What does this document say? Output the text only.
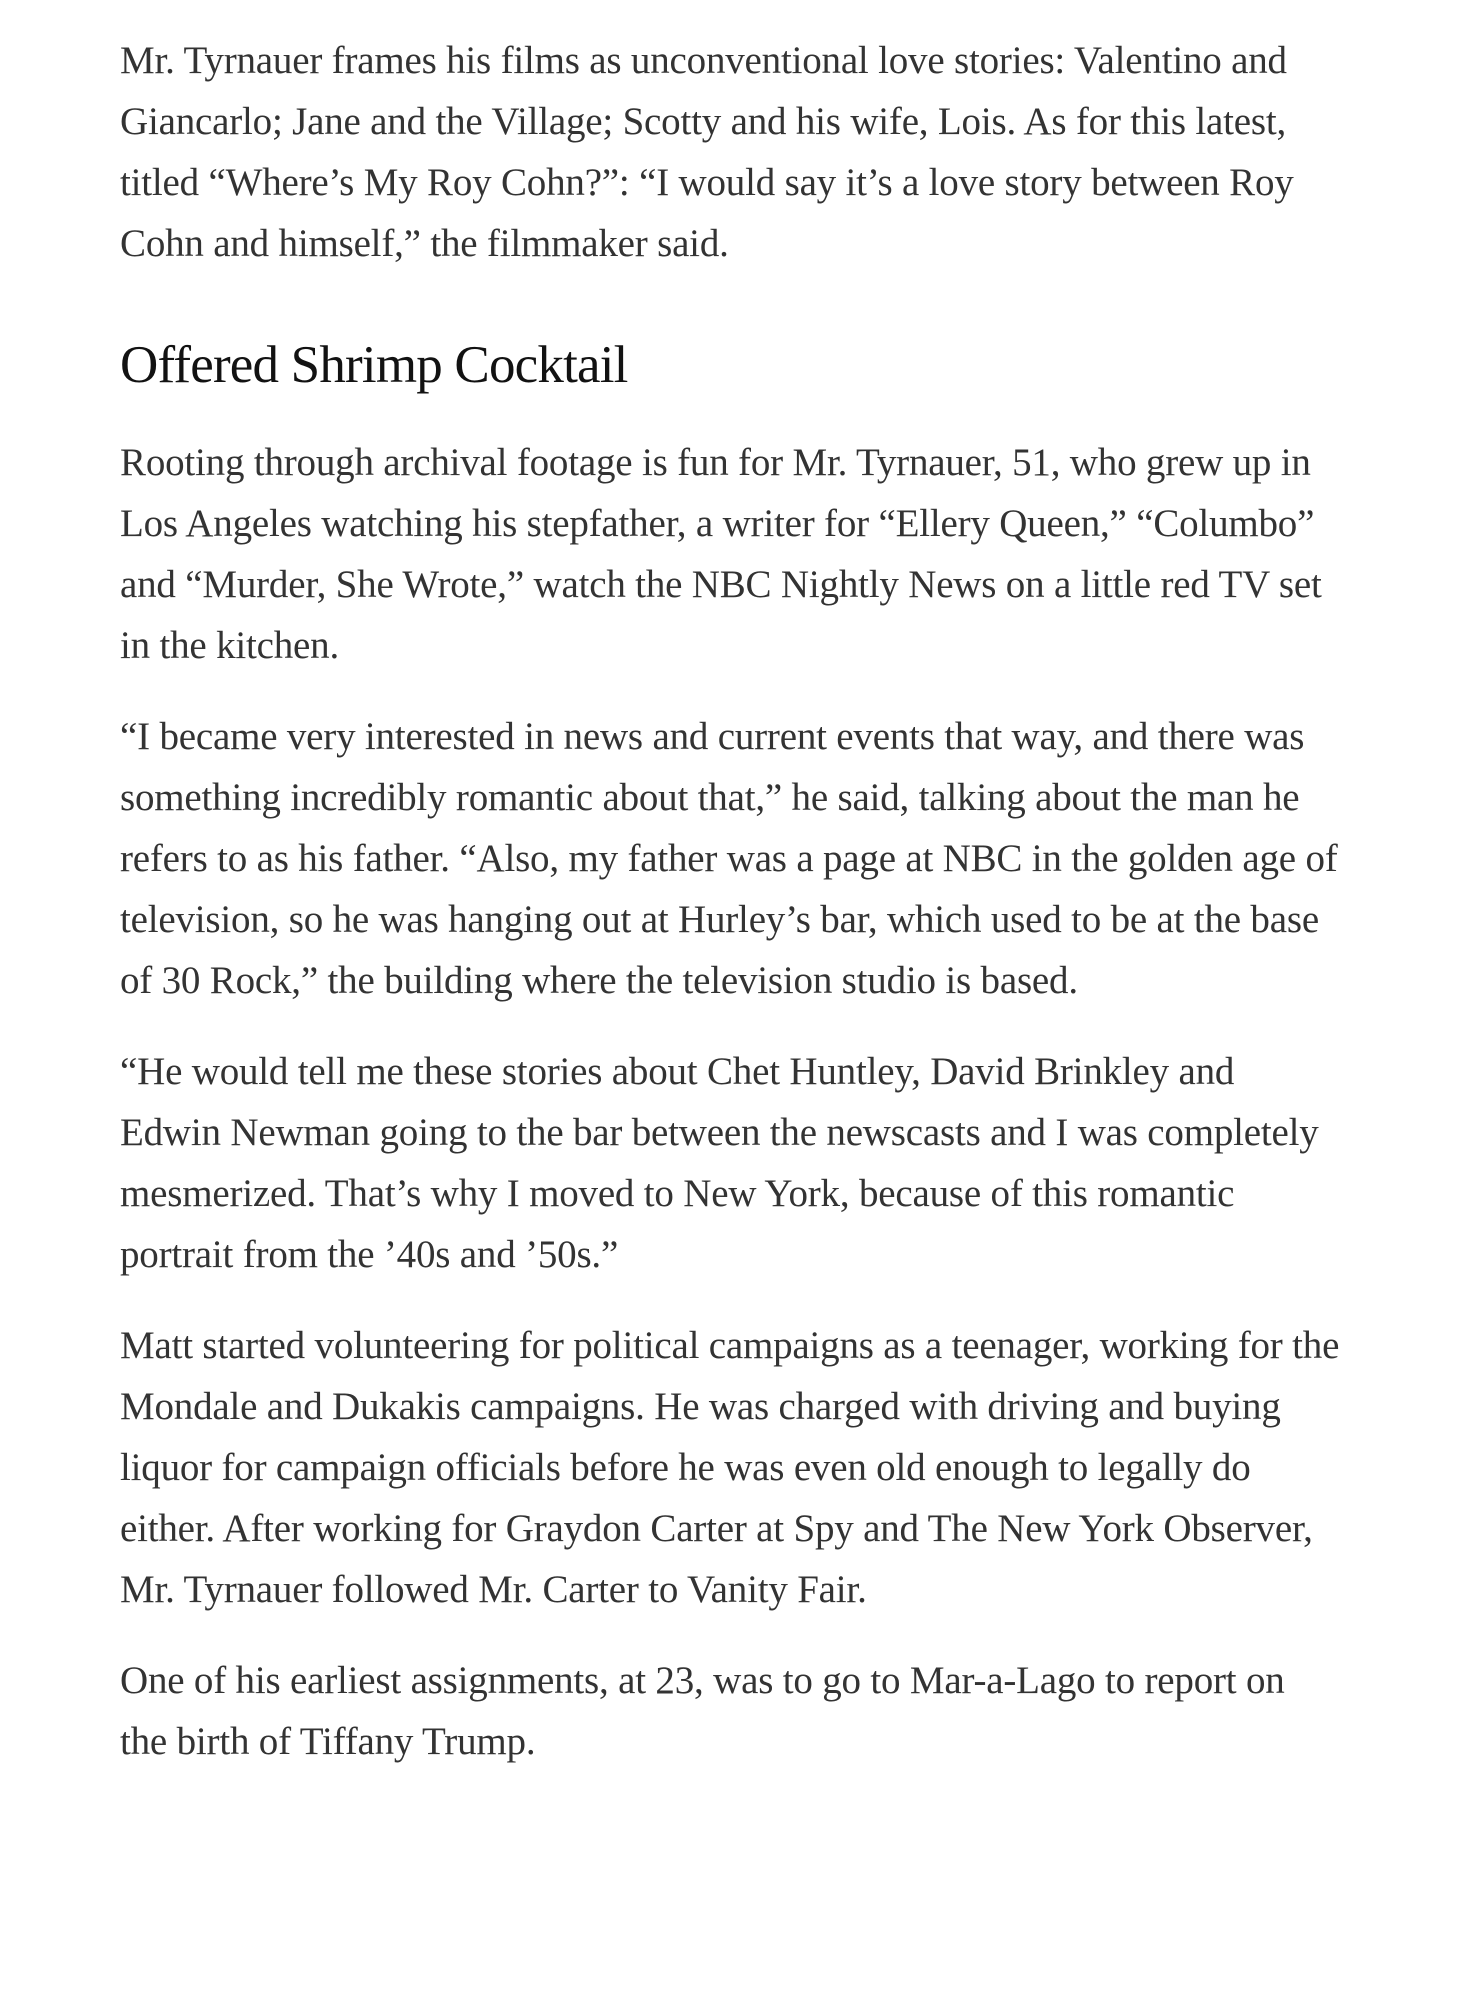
Mr. Tyrnauer frames his films as unconventional love stories: Valentino and Giancarlo; Jane and the Village; Scotty and his wife, Lois. As for this latest, titled “Where’s My Roy Cohn?”: “I would say it’s a love story between Roy Cohn and himself,” the filmmaker said.

Offered Shrimp Cocktail

Rooting through archival footage is fun for Mr. Tyrnauer, 51, who grew up in Los Angeles watching his stepfather, a writer for “Ellery Queen,” “Columbo” and “Murder, She Wrote,” watch the NBC Nightly News on a little red TV set in the kitchen.

“I became very interested in news and current events that way, and there was something incredibly romantic about that,” he said, talking about the man he refers to as his father. “Also, my father was a page at NBC in the golden age of television, so he was hanging out at Hurley’s bar, which used to be at the base of 30 Rock,” the building where the television studio is based.

“He would tell me these stories about Chet Huntley, David Brinkley and Edwin Newman going to the bar between the newscasts and I was completely mesmerized. That’s why I moved to New York, because of this romantic portrait from the ’40s and ’50s.”

Matt started volunteering for political campaigns as a teenager, working for the Mondale and Dukakis campaigns. He was charged with driving and buying liquor for campaign officials before he was even old enough to legally do either. After working for Graydon Carter at Spy and The New York Observer, Mr. Tyrnauer followed Mr. Carter to Vanity Fair.

One of his earliest assignments, at 23, was to go to Mar-a-Lago to report on the birth of Tiffany Trump.
